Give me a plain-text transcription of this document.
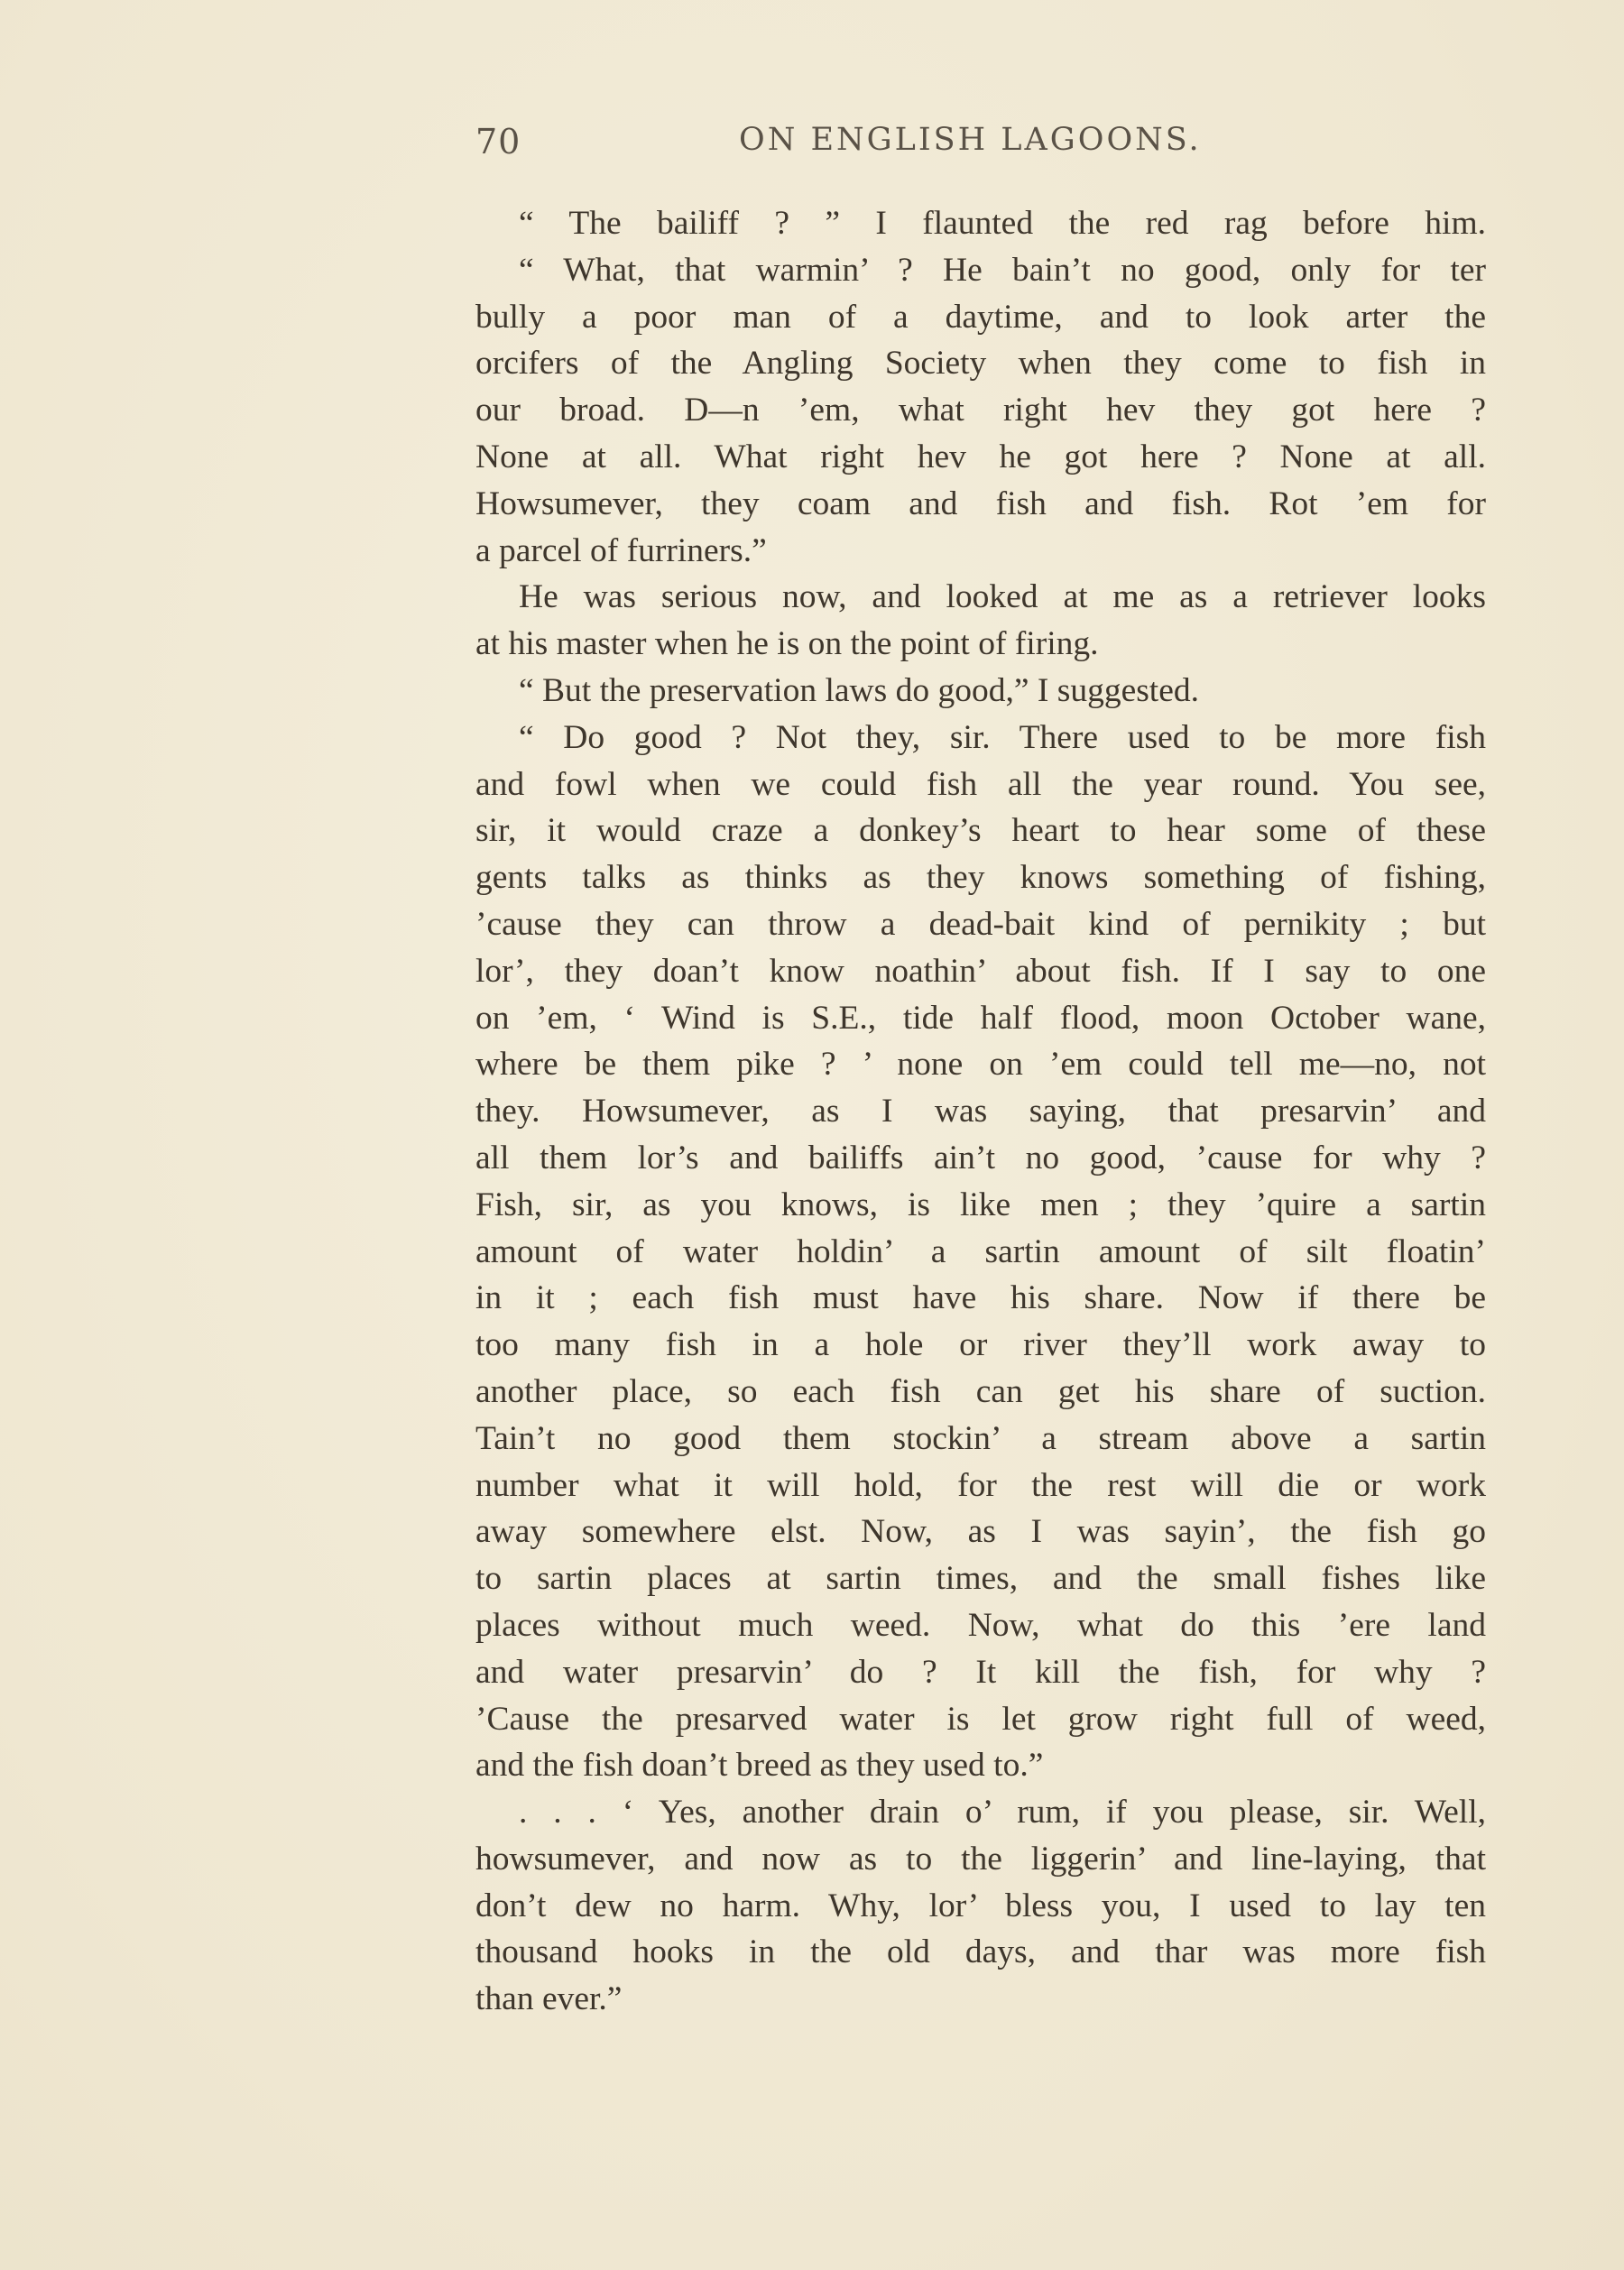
70	ON ENGLISH LAGOONS.
“ The bailiff ? ” I flaunted the red rag before him.
“ What, that warmin’ ? He bain’t no good, only for ter
bully a poor man of a daytime, and to look arter the
orcifers of the Angling Society when they come to fish in
our broad. D—n ’em, what right hev they got here ?
None at all. What right hev he got here ? None at all.
Howsumever, they coam and fish and fish. Rot ’em for
a parcel of furriners.”
He was serious now, and looked at me as a retriever looks
at his master when he is on the point of firing.
“ But the preservation laws do good,” I suggested.
“ Do good ? Not they, sir. There used to be more fish
and fowl when we could fish all the year round. You see,
sir, it would craze a donkey’s heart to hear some of these
gents talks as thinks as they knows something of fishing,
’cause they can throw a dead-bait kind of pernikity ; but
lor’, they doan’t know noathin’ about fish. If I say to one
on ’em, ‘ Wind is S.E., tide half flood, moon October wane,
where be them pike ? ’ none on ’em could tell me—no, not
they. Howsumever, as I was saying, that presarvin’ and
all them lor’s and bailiffs ain’t no good, ’cause for why ?
Fish, sir, as you knows, is like men ; they ’quire a sartin
amount of water holdin’ a sartin amount of silt floatin’
in it ; each fish must have his share. Now if there be
too many fish in a hole or river they’ll work away to
another place, so each fish can get his share of suction.
Tain’t no good them stockin’ a stream above a sartin
number what it will hold, for the rest will die or work
away somewhere elst. Now, as I was sayin’, the fish go
to sartin places at sartin times, and the small fishes like
places without much weed. Now, what do this ’ere land
and water presarvin’ do ? It kill the fish, for why ?
’Cause the presarved water is let grow right full of weed,
and the fish doan’t breed as they used to.”
. . . ‘ Yes, another drain o’ rum, if you please, sir. Well,
howsumever, and now as to the liggerin’ and line-laying, that
don’t dew no harm. Why, lor’ bless you, I used to lay ten
thousand hooks in the old days, and thar was more fish
than ever.”
